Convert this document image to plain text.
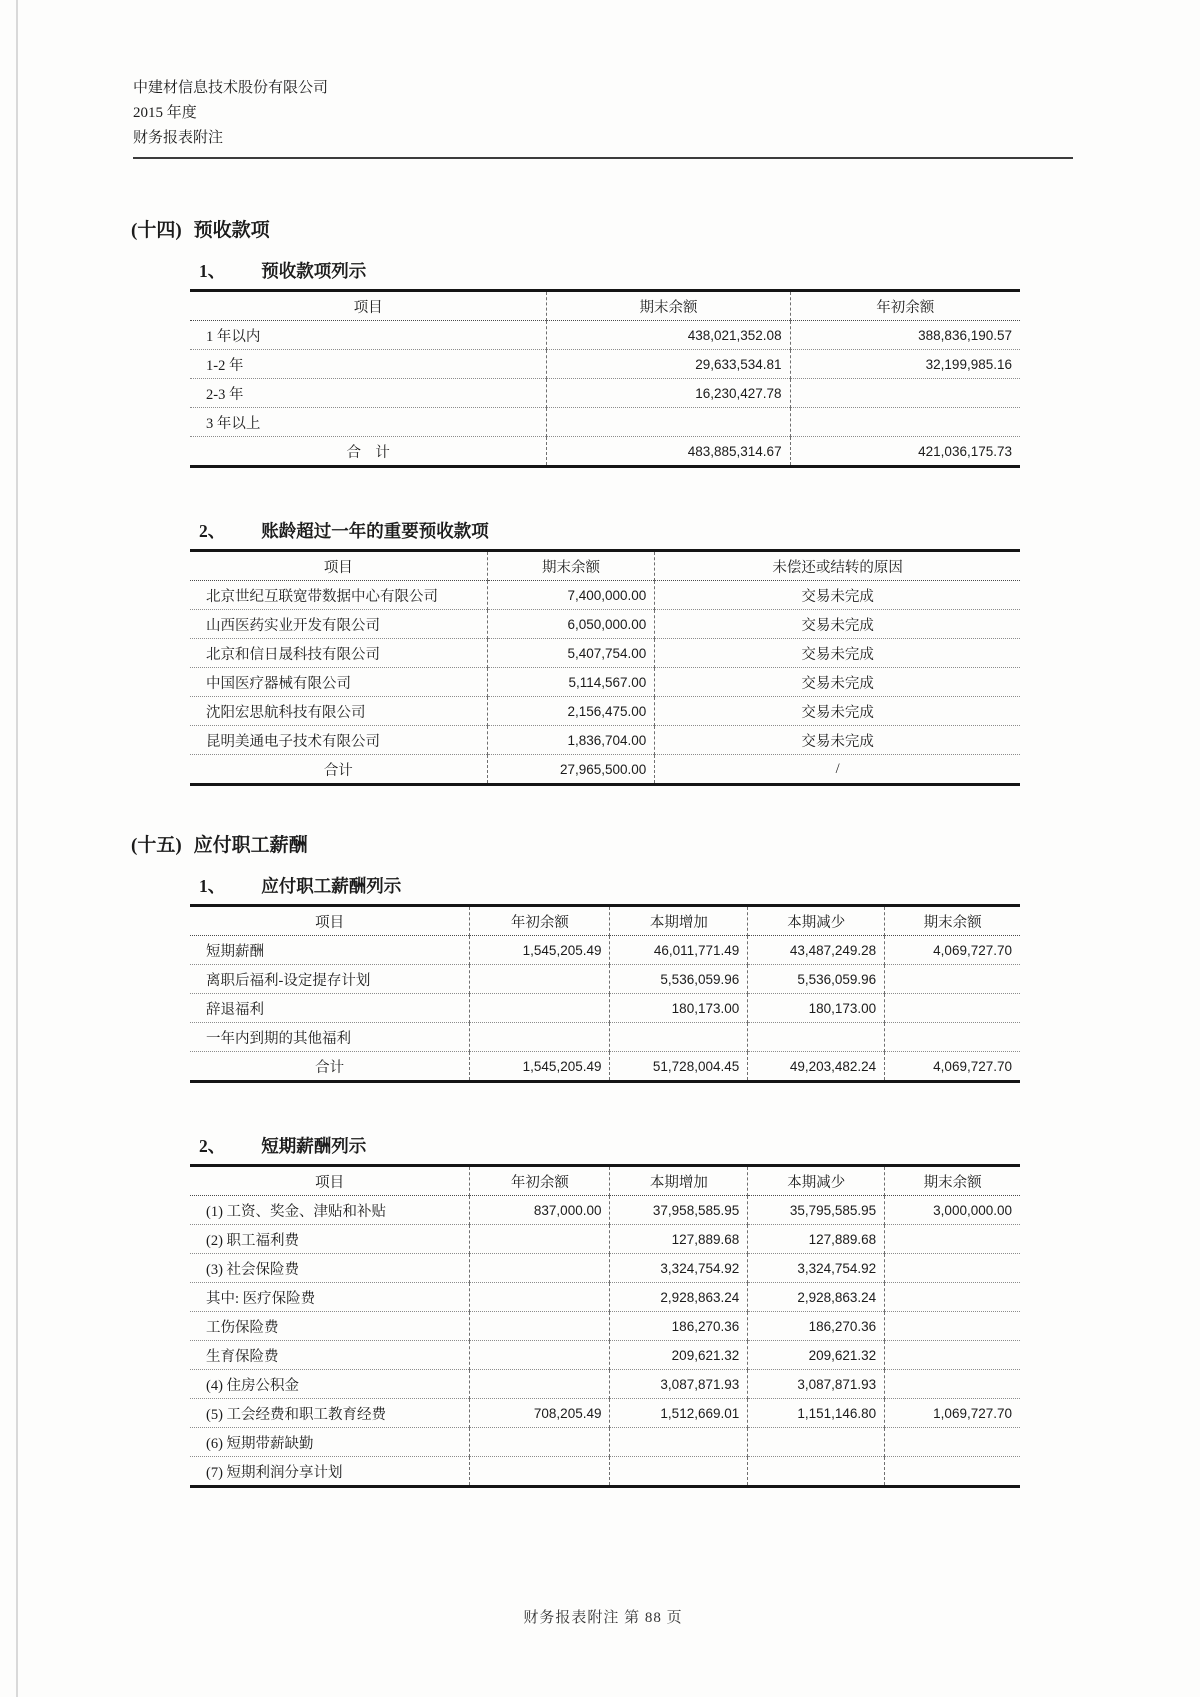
中建材信息技术股份有限公司
2015 年度
财务报表附注
(十四) 预收款项
1、 预收款项列示
项目	期末余额	年初余额
1 年以内	438,021,352.08	388,836,190.57
1-2 年	29,633,534.81	32,199,985.16
2-3 年	16,230,427.78	
3 年以上		
合　计	483,885,314.67	421,036,175.73
2、 账龄超过一年的重要预收款项
项目	期末余额	未偿还或结转的原因
北京世纪互联宽带数据中心有限公司	7,400,000.00	交易未完成
山西医药实业开发有限公司	6,050,000.00	交易未完成
北京和信日晟科技有限公司	5,407,754.00	交易未完成
中国医疗器械有限公司	5,114,567.00	交易未完成
沈阳宏思航科技有限公司	2,156,475.00	交易未完成
昆明美通电子技术有限公司	1,836,704.00	交易未完成
合计	27,965,500.00	/
(十五) 应付职工薪酬
1、 应付职工薪酬列示
项目	年初余额	本期增加	本期减少	期末余额
短期薪酬	1,545,205.49	46,011,771.49	43,487,249.28	4,069,727.70
离职后福利-设定提存计划		5,536,059.96	5,536,059.96	
辞退福利		180,173.00	180,173.00	
一年内到期的其他福利				
合计	1,545,205.49	51,728,004.45	49,203,482.24	4,069,727.70
2、 短期薪酬列示
项目	年初余额	本期增加	本期减少	期末余额
(1) 工资、奖金、津贴和补贴	837,000.00	37,958,585.95	35,795,585.95	3,000,000.00
(2) 职工福利费		127,889.68	127,889.68	
(3) 社会保险费		3,324,754.92	3,324,754.92	
其中: 医疗保险费		2,928,863.24	2,928,863.24	
工伤保险费		186,270.36	186,270.36	
生育保险费		209,621.32	209,621.32	
(4) 住房公积金		3,087,871.93	3,087,871.93	
(5) 工会经费和职工教育经费	708,205.49	1,512,669.01	1,151,146.80	1,069,727.70
(6) 短期带薪缺勤				
(7) 短期利润分享计划				
财务报表附注 第 88 页
